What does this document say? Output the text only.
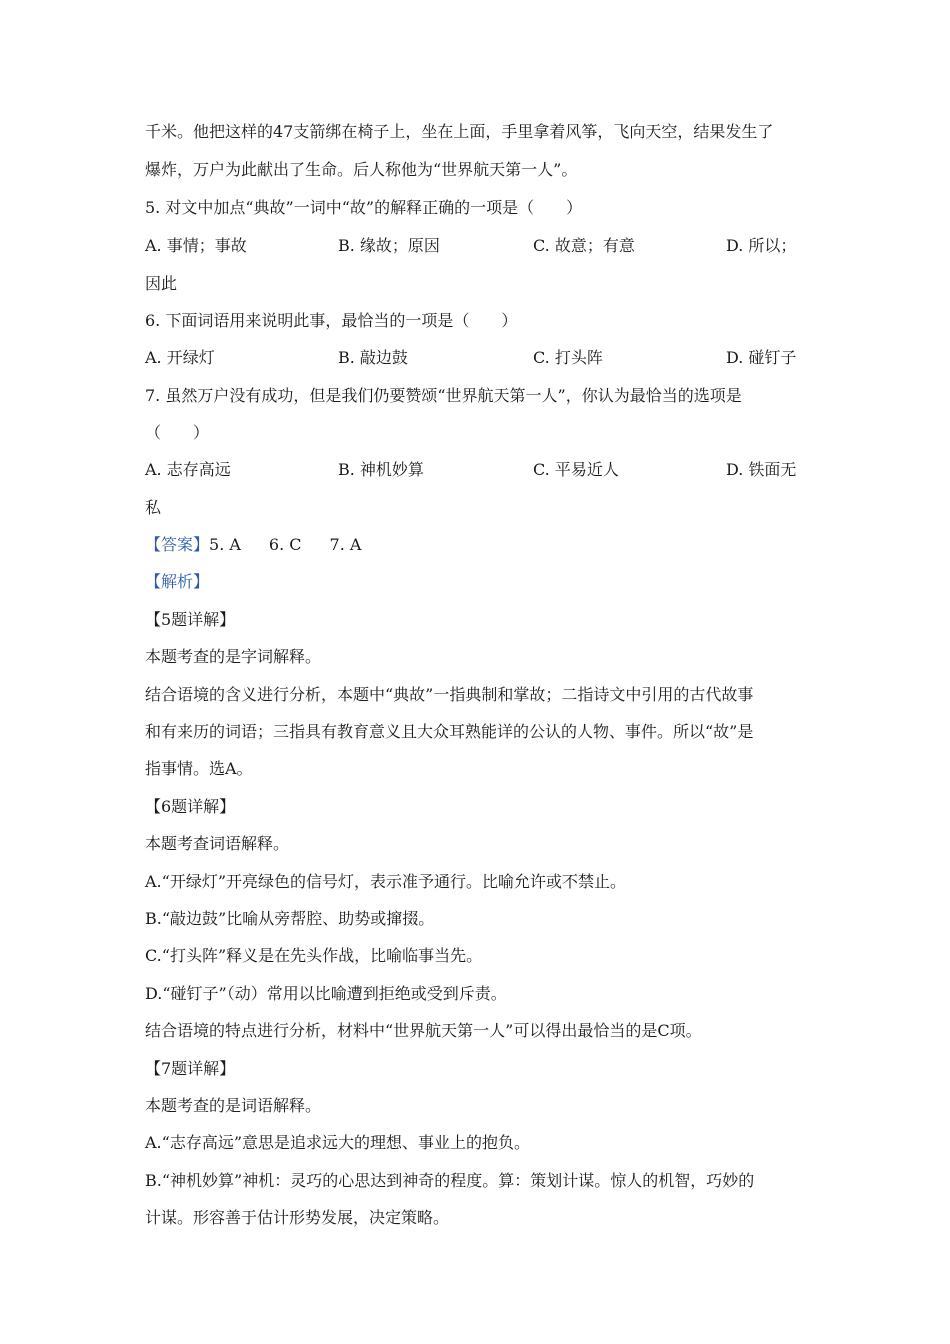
千米。他把这样的47支箭绑在椅子上，坐在上面，手里拿着风筝，飞向天空，结果发生了
爆炸，万户为此献出了生命。后人称他为“世界航天第一人”。
5. 对文中加点“典故”一词中“故”的解释正确的一项是（　　）
A. 事情；事故	B. 缘故；原因	C. 故意；有意	D. 所以；
因此
6. 下面词语用来说明此事，最恰当的一项是（　　）
A. 开绿灯	B. 敲边鼓	C. 打头阵	D. 碰钉子
7. 虽然万户没有成功，但是我们仍要赞颂“世界航天第一人”，你认为最恰当的选项是
（　　）
A. 志存高远	B. 神机妙算	C. 平易近人	D. 铁面无
私
【答案】5. A 6. C 7. A
【解析】
【5题详解】
本题考查的是字词解释。
结合语境的含义进行分析，本题中“典故”一指典制和掌故；二指诗文中引用的古代故事
和有来历的词语；三指具有教育意义且大众耳熟能详的公认的人物、事件。所以“故”是
指事情。选A。
【6题详解】
本题考查词语解释。
A.“开绿灯”开亮绿色的信号灯，表示准予通行。比喻允许或不禁止。
B.“敲边鼓”比喻从旁帮腔、助势或撺掇。
C.“打头阵”释义是在先头作战，比喻临事当先。
D.“碰钉子”（动）常用以比喻遭到拒绝或受到斥责。
结合语境的特点进行分析，材料中“世界航天第一人”可以得出最恰当的是C项。
【7题详解】
本题考查的是词语解释。
A.“志存高远”意思是追求远大的理想、事业上的抱负。
B.“神机妙算”神机：灵巧的心思达到神奇的程度。算：策划计谋。惊人的机智，巧妙的
计谋。形容善于估计形势发展，决定策略。
